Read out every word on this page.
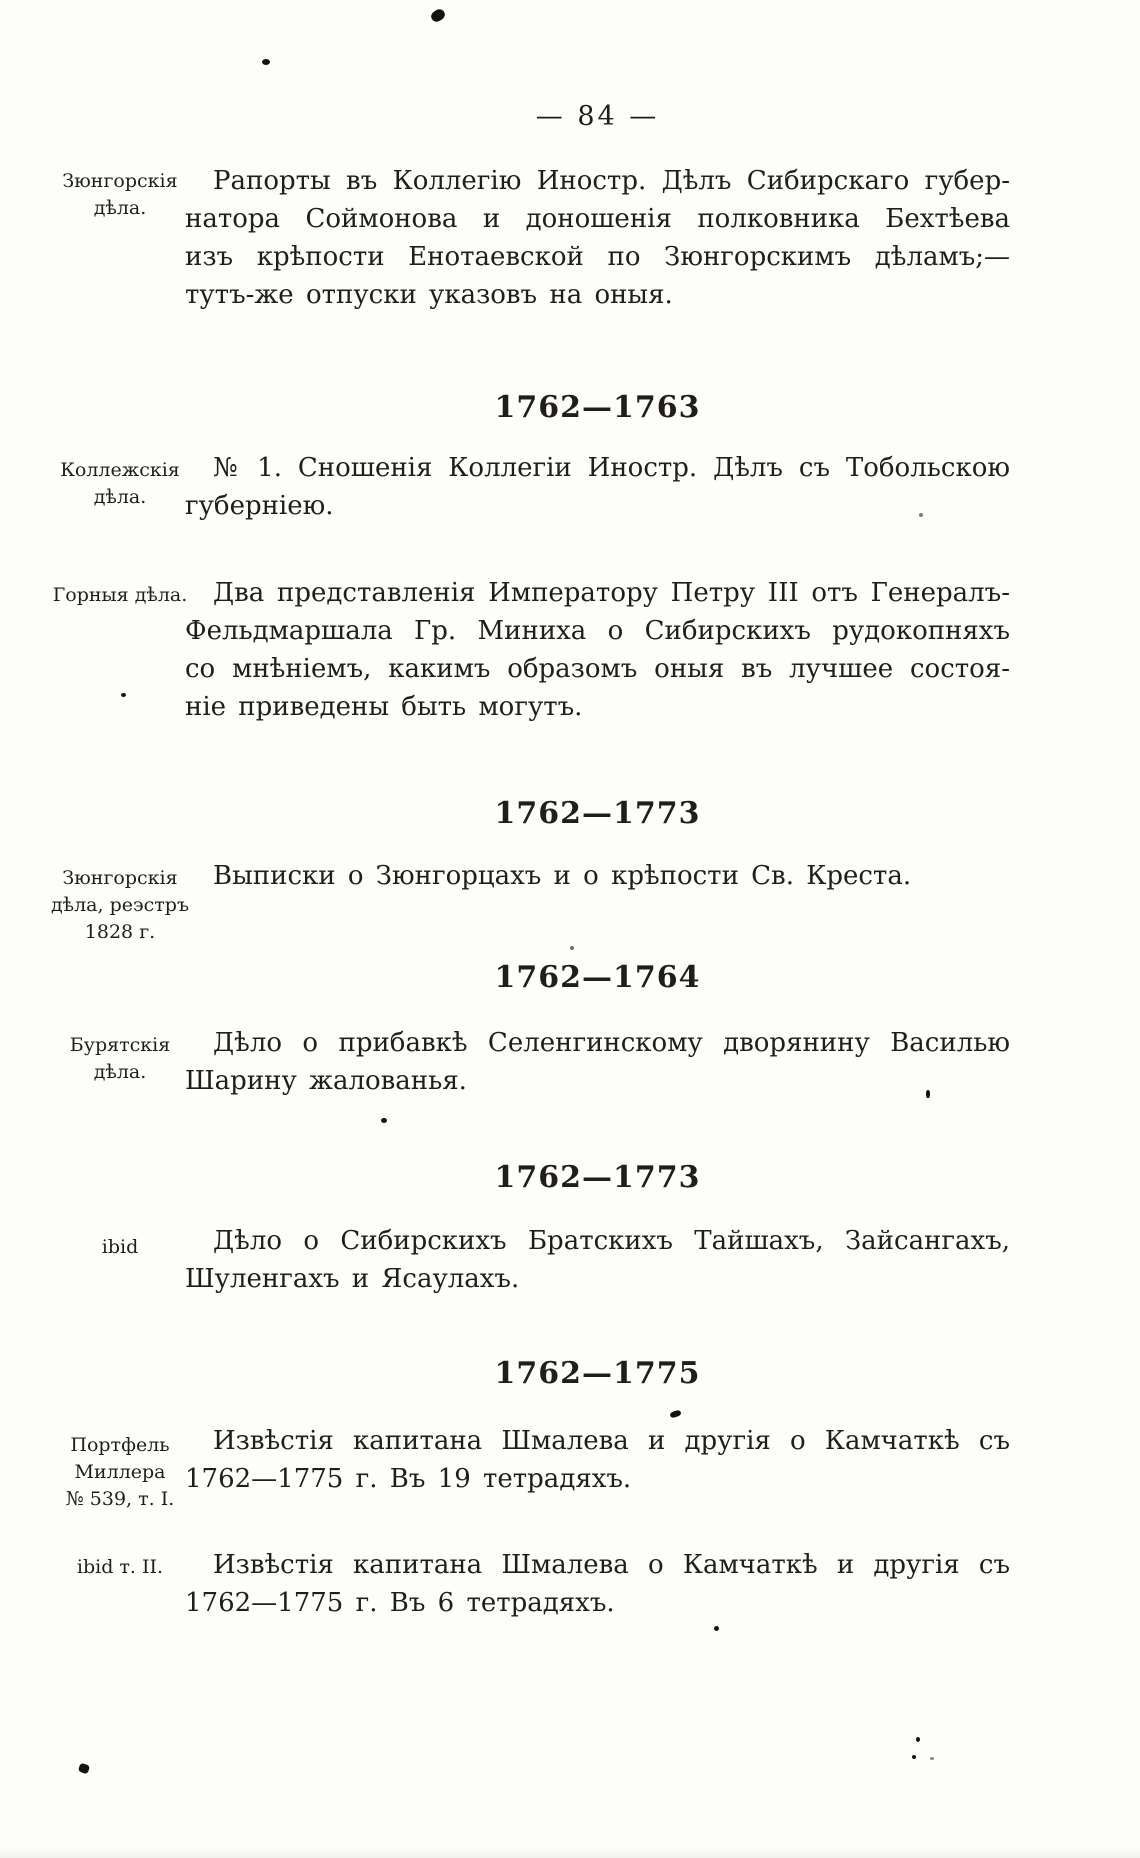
— 84 —
Зюнгорскія
дѣла.
Рапорты въ Коллегію Иностр. Дѣлъ Сибирскаго губер-
натора Соймонова и доношенія полковника Бехтѣева
изъ крѣпости Енотаевской по Зюнгорскимъ дѣламъ;—
тутъ-же отпуски указовъ на оныя.
1762—1763
Коллежскія
дѣла.
№ 1. Сношенія Коллегіи Иностр. Дѣлъ съ Тобольскою
губерніею.
Горныя дѣла. Два представленія Императору Петру III отъ Генералъ-
Фельдмаршала Гр. Миниха о Сибирскихъ рудокопняхъ
со мнѣніемъ, какимъ образомъ оныя въ лучшее состоя-
ніе приведены быть могутъ.
1762—1773
Зюнгорскія
дѣла, реэстръ
1828 г.
Выписки о Зюнгорцахъ и о крѣпости Св. Креста.
1762—1764
Бурятскія
дѣла.
Дѣло о прибавкѣ Селенгинскому дворянину Василью
Шарину жалованья.
1762—1773
ibid	Дѣло о Сибирскихъ Братскихъ Тайшахъ, Зайсангахъ,
Шуленгахъ и Ясаулахъ.
1762—1775
Портфель
Миллера
№ 539, т. I.
Извѣстія капитана Шмалева и другія о Камчаткѣ съ
1762—1775 г. Въ 19 тетрадяхъ.
ibid т. II.	Извѣстія капитана Шмалева о Камчаткѣ и другія съ
1762—1775 г. Въ 6 тетрадяхъ.
